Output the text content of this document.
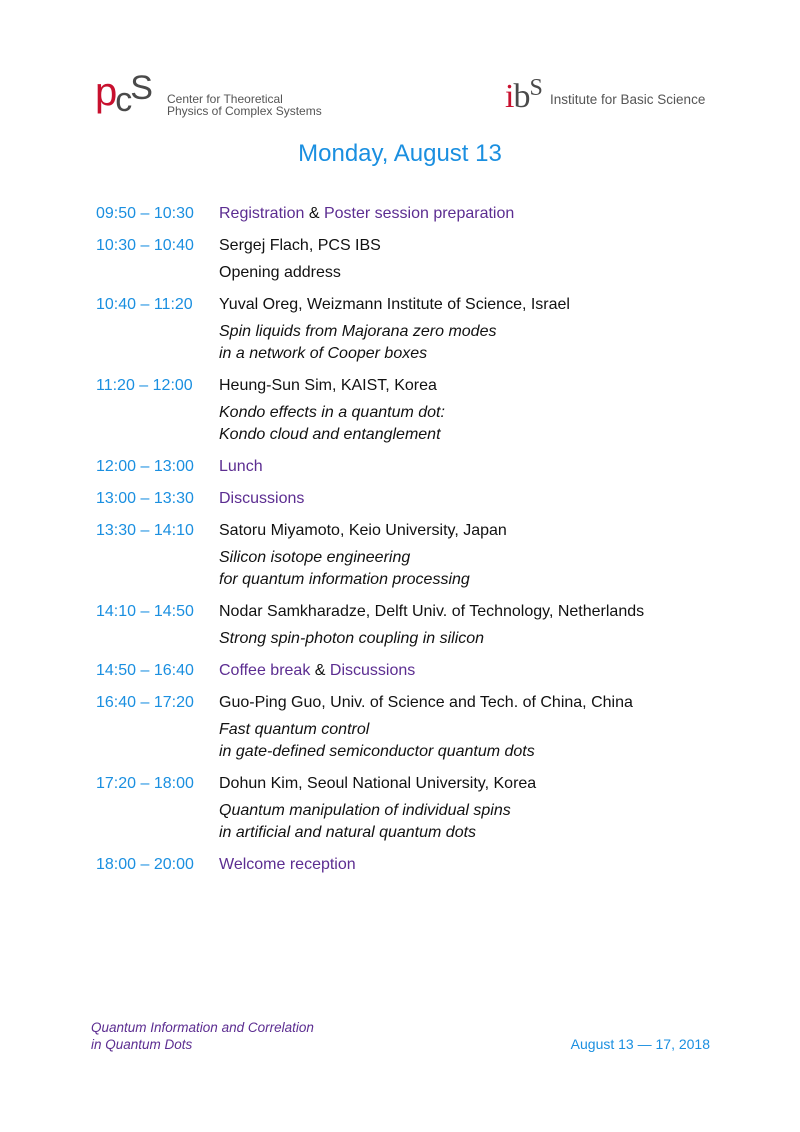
pcS Center for Theoretical
Physics of Complex Systems	$ib^S$ Institute for Basic Science
Monday, August 13
09:50 – 10:30	Registration & Poster session preparation
10:30 – 10:40	Sergej Flach, PCS IBS
Opening address
10:40 – 11:20	Yuval Oreg, Weizmann Institute of Science, Israel
Spin liquids from Majorana zero modes
in a network of Cooper boxes
11:20 – 12:00	Heung-Sun Sim, KAIST, Korea
Kondo effects in a quantum dot:
Kondo cloud and entanglement
12:00 – 13:00	Lunch
13:00 – 13:30	Discussions
13:30 – 14:10	Satoru Miyamoto, Keio University, Japan
Silicon isotope engineering
for quantum information processing
14:10 – 14:50	Nodar Samkharadze, Delft Univ. of Technology, Netherlands
Strong spin-photon coupling in silicon
14:50 – 16:40	Coffee break & Discussions
16:40 – 17:20	Guo-Ping Guo, Univ. of Science and Tech. of China, China
Fast quantum control
in gate-defined semiconductor quantum dots
17:20 – 18:00	Dohun Kim, Seoul National University, Korea
Quantum manipulation of individual spins
in artificial and natural quantum dots
18:00 – 20:00	Welcome reception
Quantum Information and Correlation
in Quantum Dots	August 13 — 17, 2018
